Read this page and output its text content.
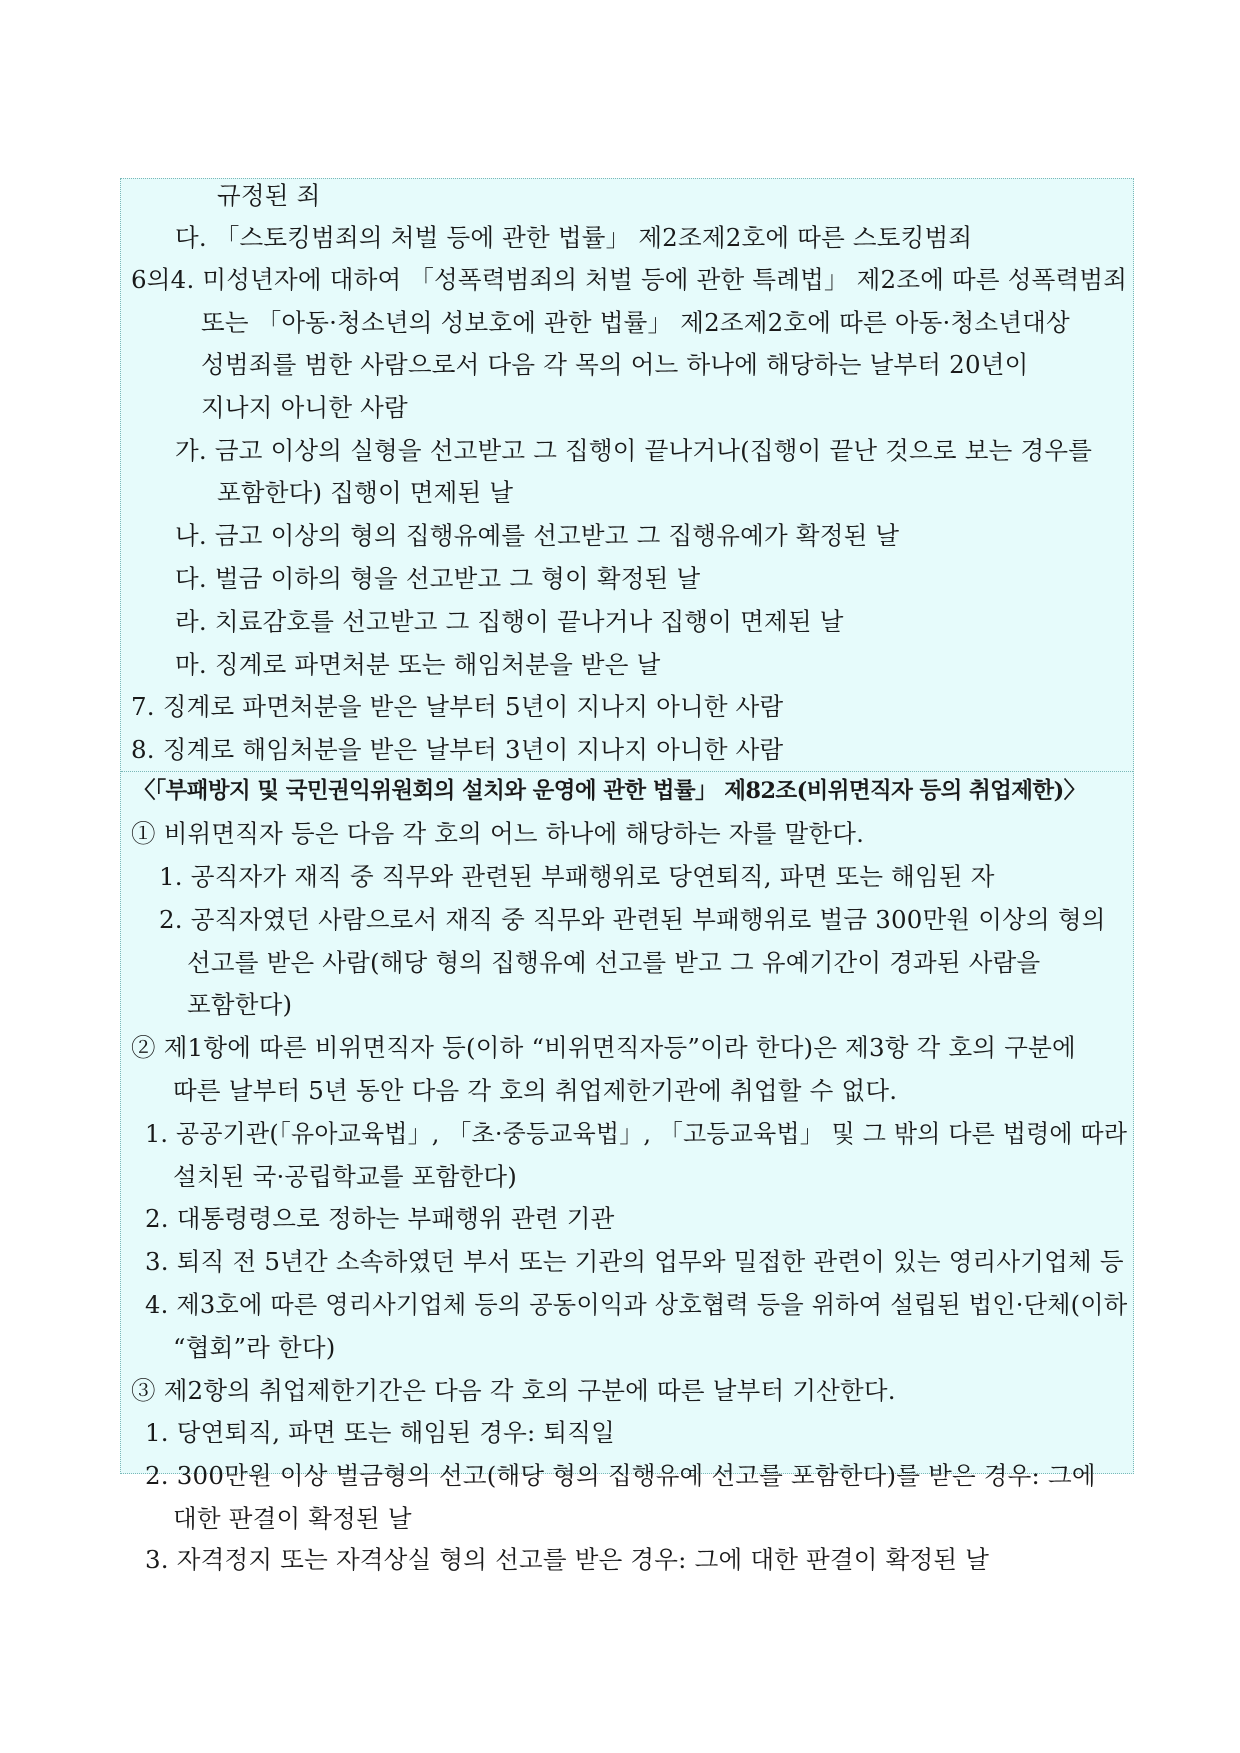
규정된 죄
다. 「스토킹범죄의 처벌 등에 관한 법률」 제2조제2호에 따른 스토킹범죄
6의4. 미성년자에 대하여 「성폭력범죄의 처벌 등에 관한 특례법」 제2조에 따른 성폭력범죄
또는 「아동·청소년의 성보호에 관한 법률」 제2조제2호에 따른 아동·청소년대상
성범죄를 범한 사람으로서 다음 각 목의 어느 하나에 해당하는 날부터 20년이
지나지 아니한 사람
가. 금고 이상의 실형을 선고받고 그 집행이 끝나거나(집행이 끝난 것으로 보는 경우를
포함한다) 집행이 면제된 날
나. 금고 이상의 형의 집행유예를 선고받고 그 집행유예가 확정된 날
다. 벌금 이하의 형을 선고받고 그 형이 확정된 날
라. 치료감호를 선고받고 그 집행이 끝나거나 집행이 면제된 날
마. 징계로 파면처분 또는 해임처분을 받은 날
7. 징계로 파면처분을 받은 날부터 5년이 지나지 아니한 사람
8. 징계로 해임처분을 받은 날부터 3년이 지나지 아니한 사람
〈「부패방지 및 국민권익위원회의 설치와 운영에 관한 법률」 제82조(비위면직자 등의 취업제한)〉
① 비위면직자 등은 다음 각 호의 어느 하나에 해당하는 자를 말한다.
1. 공직자가 재직 중 직무와 관련된 부패행위로 당연퇴직, 파면 또는 해임된 자
2. 공직자였던 사람으로서 재직 중 직무와 관련된 부패행위로 벌금 300만원 이상의 형의
선고를 받은 사람(해당 형의 집행유예 선고를 받고 그 유예기간이 경과된 사람을
포함한다)
② 제1항에 따른 비위면직자 등(이하 “비위면직자등”이라 한다)은 제3항 각 호의 구분에
따른 날부터 5년 동안 다음 각 호의 취업제한기관에 취업할 수 없다.
1. 공공기관(「유아교육법」, 「초·중등교육법」, 「고등교육법」 및 그 밖의 다른 법령에 따라
설치된 국·공립학교를 포함한다)
2. 대통령령으로 정하는 부패행위 관련 기관
3. 퇴직 전 5년간 소속하였던 부서 또는 기관의 업무와 밀접한 관련이 있는 영리사기업체 등
4. 제3호에 따른 영리사기업체 등의 공동이익과 상호협력 등을 위하여 설립된 법인·단체(이하
“협회”라 한다)
③ 제2항의 취업제한기간은 다음 각 호의 구분에 따른 날부터 기산한다.
1. 당연퇴직, 파면 또는 해임된 경우: 퇴직일
2. 300만원 이상 벌금형의 선고(해당 형의 집행유예 선고를 포함한다)를 받은 경우: 그에
대한 판결이 확정된 날
3. 자격정지 또는 자격상실 형의 선고를 받은 경우: 그에 대한 판결이 확정된 날
